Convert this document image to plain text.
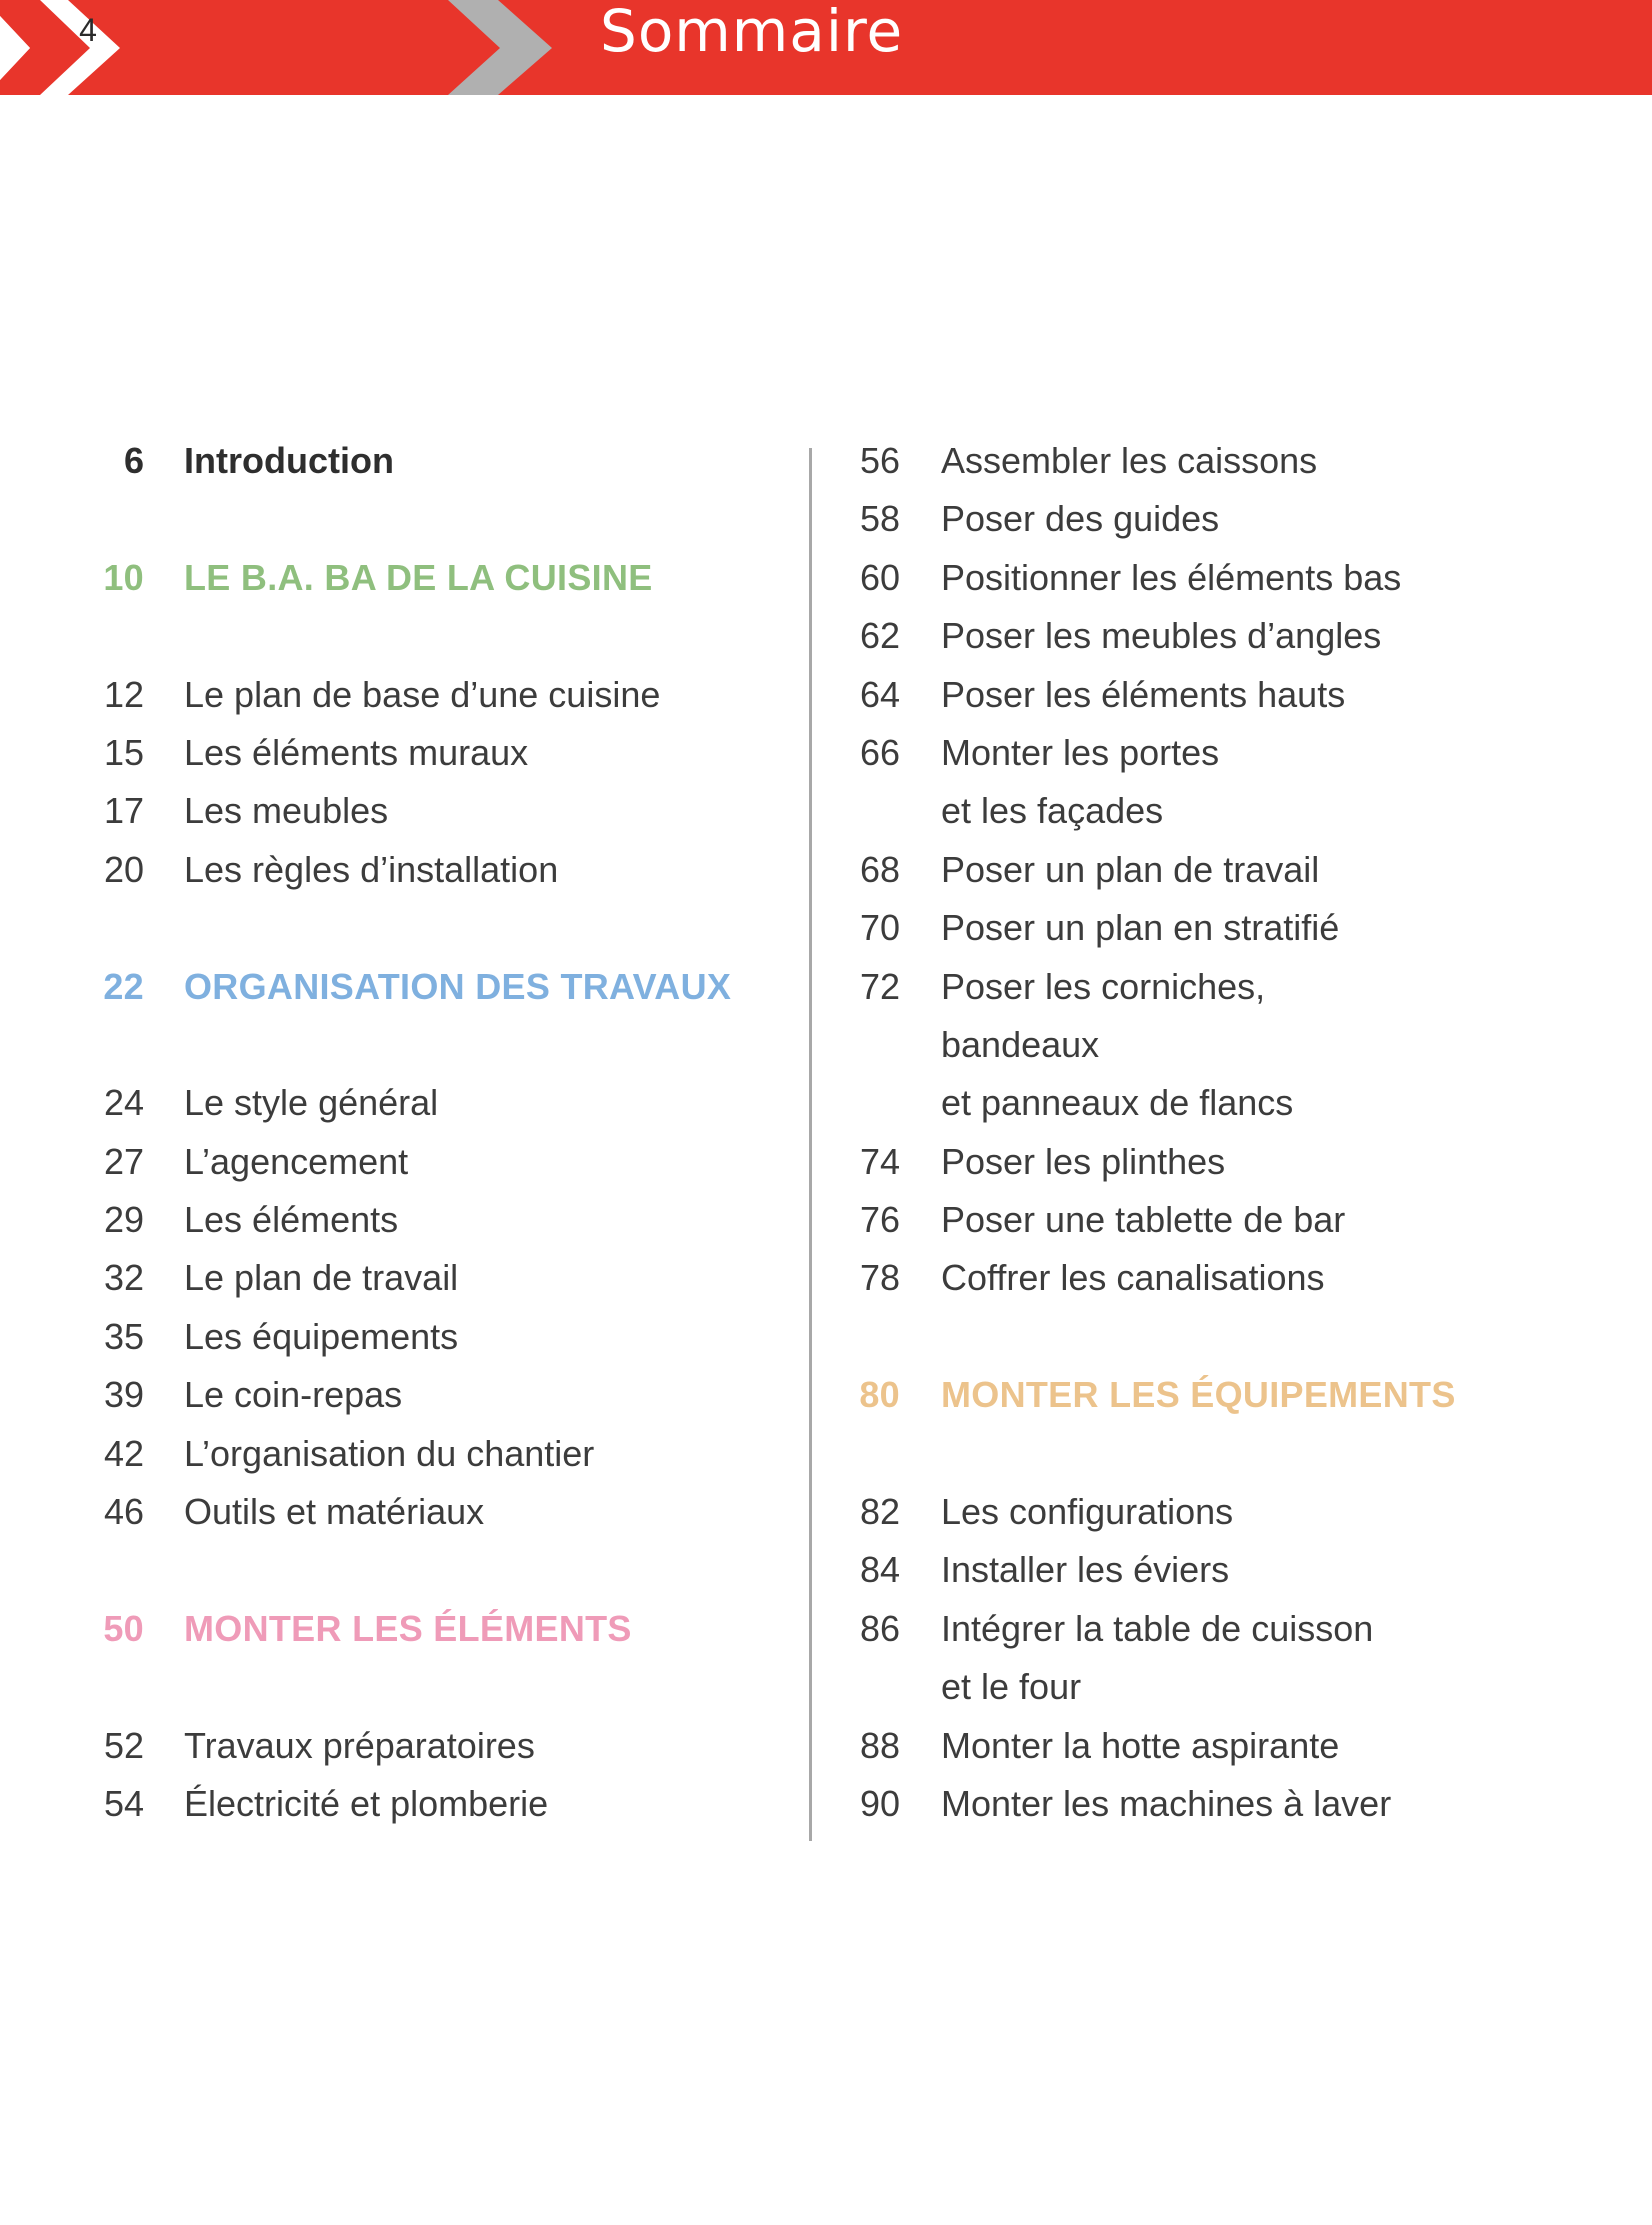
4	Sommaire
6 Introduction
10 LE B.A. BA DE LA CUISINE
12 Le plan de base d’une cuisine
15 Les éléments muraux
17 Les meubles
20 Les règles d’installation
22 ORGANISATION DES TRAVAUX
24 Le style général
27 L’agencement
29 Les éléments
32 Le plan de travail
35 Les équipements
39 Le coin-repas
42 L’organisation du chantier
46 Outils et matériaux
50 MONTER LES ÉLÉMENTS
52 Travaux préparatoires
54 Électricité et plomberie
56 Assembler les caissons
58 Poser des guides
60 Positionner les éléments bas
62 Poser les meubles d’angles
64 Poser les éléments hauts
66 Monter les portes
et les façades
68 Poser un plan de travail
70 Poser un plan en stratifié
72 Poser les corniches,
bandeaux
et panneaux de flancs
74 Poser les plinthes
76 Poser une tablette de bar
78 Coffrer les canalisations
80 MONTER LES ÉQUIPEMENTS
82 Les configurations
84 Installer les éviers
86 Intégrer la table de cuisson
et le four
88 Monter la hotte aspirante
90 Monter les machines à laver
